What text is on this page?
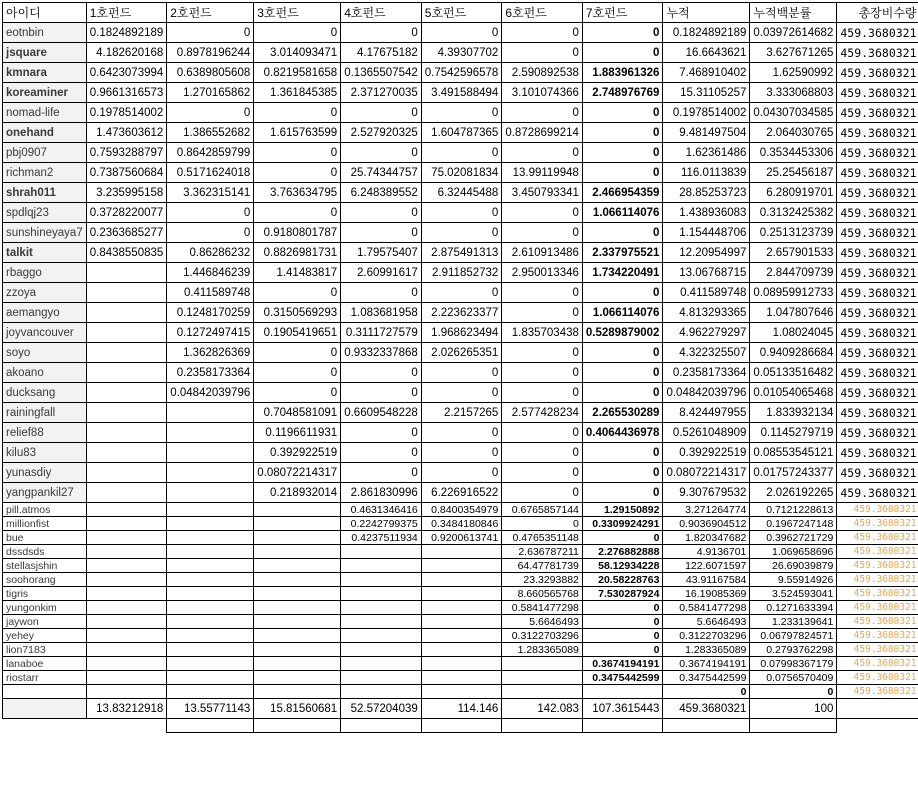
아이디	1호펀드	2호펀드	3호펀드	4호펀드	5호펀드	6호펀드	7호펀드	누적	누적백분률	총장비수량
eotnbin	0.1824892189	0	0	0	0	0	0	0.1824892189	0.03972614682	459.3680321
jsquare	4.182620168	0.8978196244	3.014093471	4.17675182	4.39307702	0	0	16.6643621	3.627671265	459.3680321
kmnara	0.6423073994	0.6389805608	0.8219581658	0.1365507542	0.7542596578	2.590892538	1.883961326	7.468910402	1.62590992	459.3680321
koreaminer	0.9661316573	1.270165862	1.361845385	2.371270035	3.491588494	3.101074366	2.748976769	15.31105257	3.333068803	459.3680321
nomad-life	0.1978514002	0	0	0	0	0	0	0.1978514002	0.04307034585	459.3680321
onehand	1.473603612	1.386552682	1.615763599	2.527920325	1.604787365	0.8728699214	0	9.481497504	2.064030765	459.3680321
pbj0907	0.7593288797	0.8642859799	0	0	0	0	0	1.62361486	0.3534453306	459.3680321
richman2	0.7387560684	0.5171624018	0	25.74344757	75.02081834	13.99119948	0	116.0113839	25.25456187	459.3680321
shrah011	3.235995158	3.362315141	3.763634795	6.248389552	6.32445488	3.450793341	2.466954359	28.85253723	6.280919701	459.3680321
spdlqj23	0.3728220077	0	0	0	0	0	1.066114076	1.438936083	0.3132425382	459.3680321
sunshineyaya7	0.2363685277	0	0.9180801787	0	0	0	0	1.154448706	0.2513123739	459.3680321
talkit	0.8438550835	0.86286232	0.8826981731	1.79575407	2.875491313	2.610913486	2.337975521	12.20954997	2.657901533	459.3680321
rbaggo		1.446846239	1.41483817	2.60991617	2.911852732	2.950013346	1.734220491	13.06768715	2.844709739	459.3680321
zzoya		0.411589748	0	0	0	0	0	0.411589748	0.08959912733	459.3680321
aemangyo		0.1248170259	0.3150569293	1.083681958	2.223623377	0	1.066114076	4.813293365	1.047807646	459.3680321
joyvancouver		0.1272497415	0.1905419651	0.3111727579	1.968623494	1.835703438	0.5289879002	4.962279297	1.08024045	459.3680321
soyo		1.362826369	0	0.9332337868	2.026265351	0	0	4.322325507	0.9409286684	459.3680321
akoano		0.2358173364	0	0	0	0	0	0.2358173364	0.05133516482	459.3680321
ducksang		0.04842039796	0	0	0	0	0	0.04842039796	0.01054065468	459.3680321
rainingfall			0.7048581091	0.6609548228	2.2157265	2.577428234	2.265530289	8.424497955	1.833932134	459.3680321
relief88			0.1196611931	0	0	0	0.4064436978	0.5261048909	0.1145279719	459.3680321
kilu83			0.392922519	0	0	0	0	0.392922519	0.08553545121	459.3680321
yunasdiy			0.08072214317	0	0	0	0	0.08072214317	0.01757243377	459.3680321
yangpankil27			0.218932014	2.861830996	6.226916522	0	0	9.307679532	2.026192265	459.3680321
pill.atmos				0.4631346416	0.8400354979	0.6765857144	1.29150892	3.271264774	0.7121228613	459.3680321
millionfist				0.2242799375	0.3484180846	0	0.3309924291	0.9036904512	0.1967247148	459.3680321
bue				0.4237511934	0.9200613741	0.4765351148	0	1.820347682	0.3962721729	459.3680321
dssdsds						2.636787211	2.276882888	4.9136701	1.069658696	459.3680321
stellasjshin						64.47781739	58.12934228	122.6071597	26.69039879	459.3680321
soohorang						23.3293882	20.58228763	43.91167584	9.55914926	459.3680321
tigris						8.660565768	7.530287924	16.19085369	3.524593041	459.3680321
yungonkim						0.5841477298	0	0.5841477298	0.1271633394	459.3680321
jaywon						5.6646493	0	5.6646493	1.233139641	459.3680321
yehey						0.3122703296	0	0.3122703296	0.06797824571	459.3680321
lion7183						1.283365089	0	1.283365089	0.2793762298	459.3680321
lanaboe							0.3674194191	0.3674194191	0.07998367179	459.3680321
riostarr							0.3475442599	0.3475442599	0.0756570409	459.3680321
								0	0	459.3680321
	13.83212918	13.55771143	15.81560681	52.57204039	114.146	142.083	107.3615443	459.3680321	100	
